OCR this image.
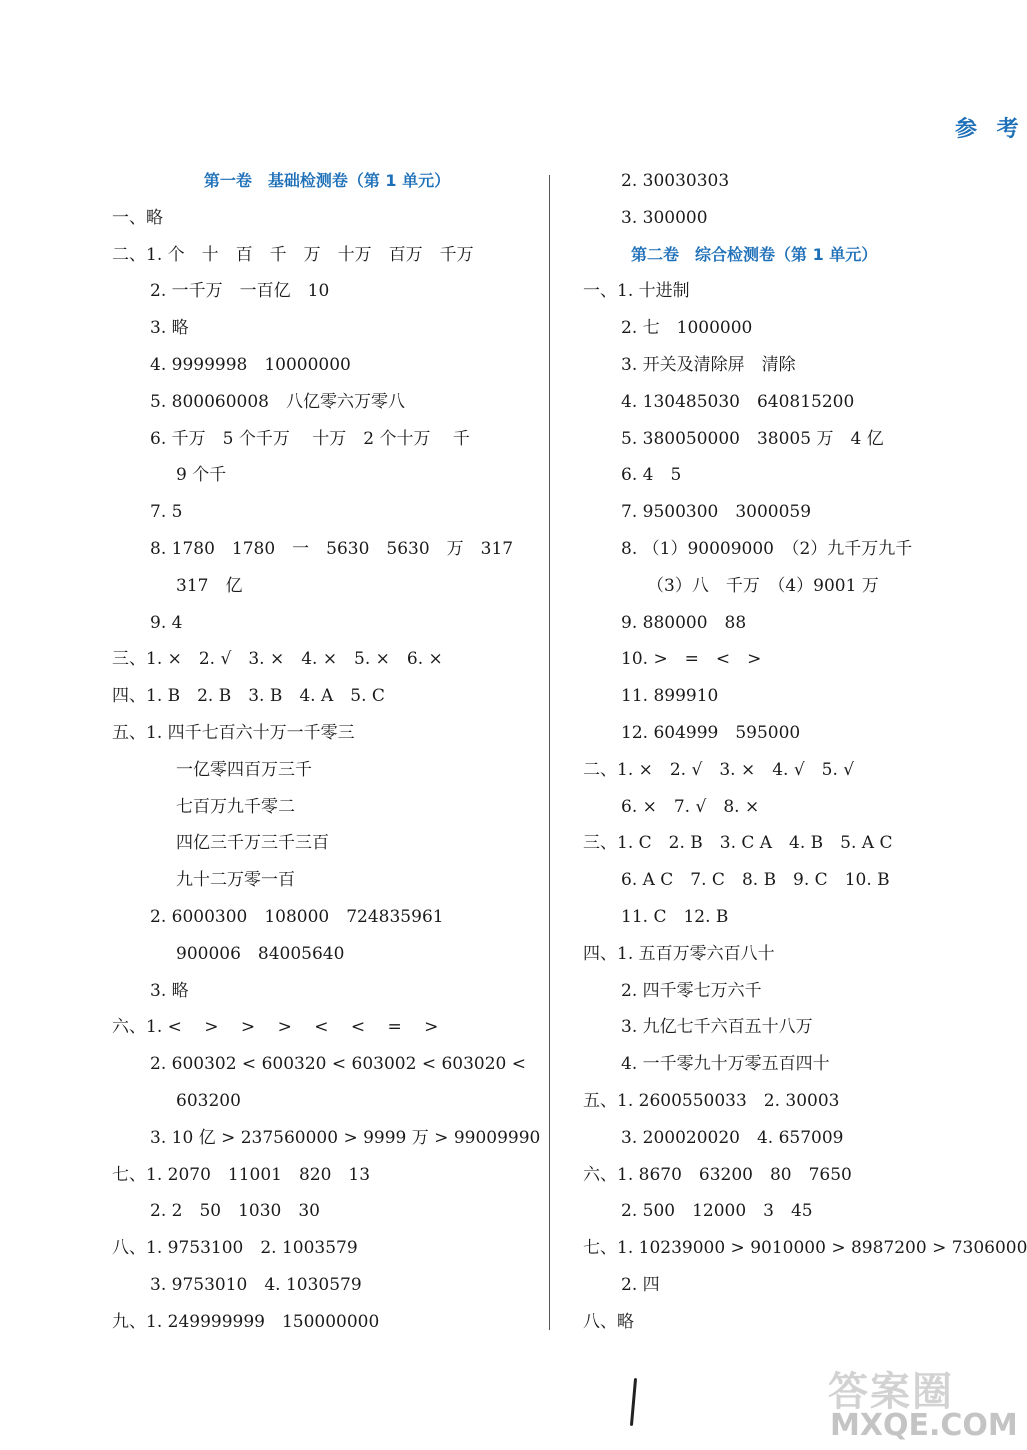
参 考
第一卷　基础检测卷（第 1 单元）
一、略
二、1. 个　十　百　千　万　十万　百万　千万
2. 一千万　一百亿　10
3. 略
4. 9999998　10000000
5. 800060008　八亿零六万零八
6. 千万　5 个千万　 十万　2 个十万　 千
9 个千
7. 5
8. 1780　1780　一　5630　5630　万　317
317　亿
9. 4
三、1. ×　2. √　3. ×　4. ×　5. ×　6. ×
四、1. B　2. B　3. B　4. A　5. C
五、1. 四千七百六十万一千零三
一亿零四百万三千
七百万九千零二
四亿三千万三千三百
九十二万零一百
2. 6000300　108000　724835961
900006　84005640
3. 略
六、1. <　 >　 >　 >　 <　 <　 =　 >
2. 600302 < 600320 < 603002 < 603020 <
603200
3. 10 亿 > 237560000 > 9999 万 > 99009990
七、1. 2070　11001　820　13
2. 2　50　1030　30
八、1. 9753100　2. 1003579
3. 9753010　4. 1030579
九、1. 249999999　150000000
2. 30030303
3. 300000
　　　第二卷　综合检测卷（第 1 单元）
一、1. 十进制
2. 七　1000000
3. 开关及清除屏　清除
4. 130485030　640815200
5. 380050000　38005 万　4 亿
6. 4　5
7. 9500300　3000059
8. （1）90009000　（2）九千万九千
（3）八　千万　（4）9001 万
9. 880000　88
10. >　=　<　>
11. 899910
12. 604999　595000
二、1. ×　2. √　3. ×　4. √　5. √
6. ×　7. √　8. ×
三、1. C　2. B　3. C A　4. B　5. A C
6. A C　7. C　8. B　9. C　10. B
11. C　12. B
四、1. 五百万零六百八十
2. 四千零七万六千
3. 九亿七千六百五十八万
4. 一千零九十万零五百四十
五、1. 2600550033　2. 30003
3. 200020020　4. 657009
六、1. 8670　63200　80　7650
2. 500　12000　3　45
七、1. 10239000 > 9010000 > 8987200 > 7306000
2. 四
八、略
答案圈
MXQE.COM
